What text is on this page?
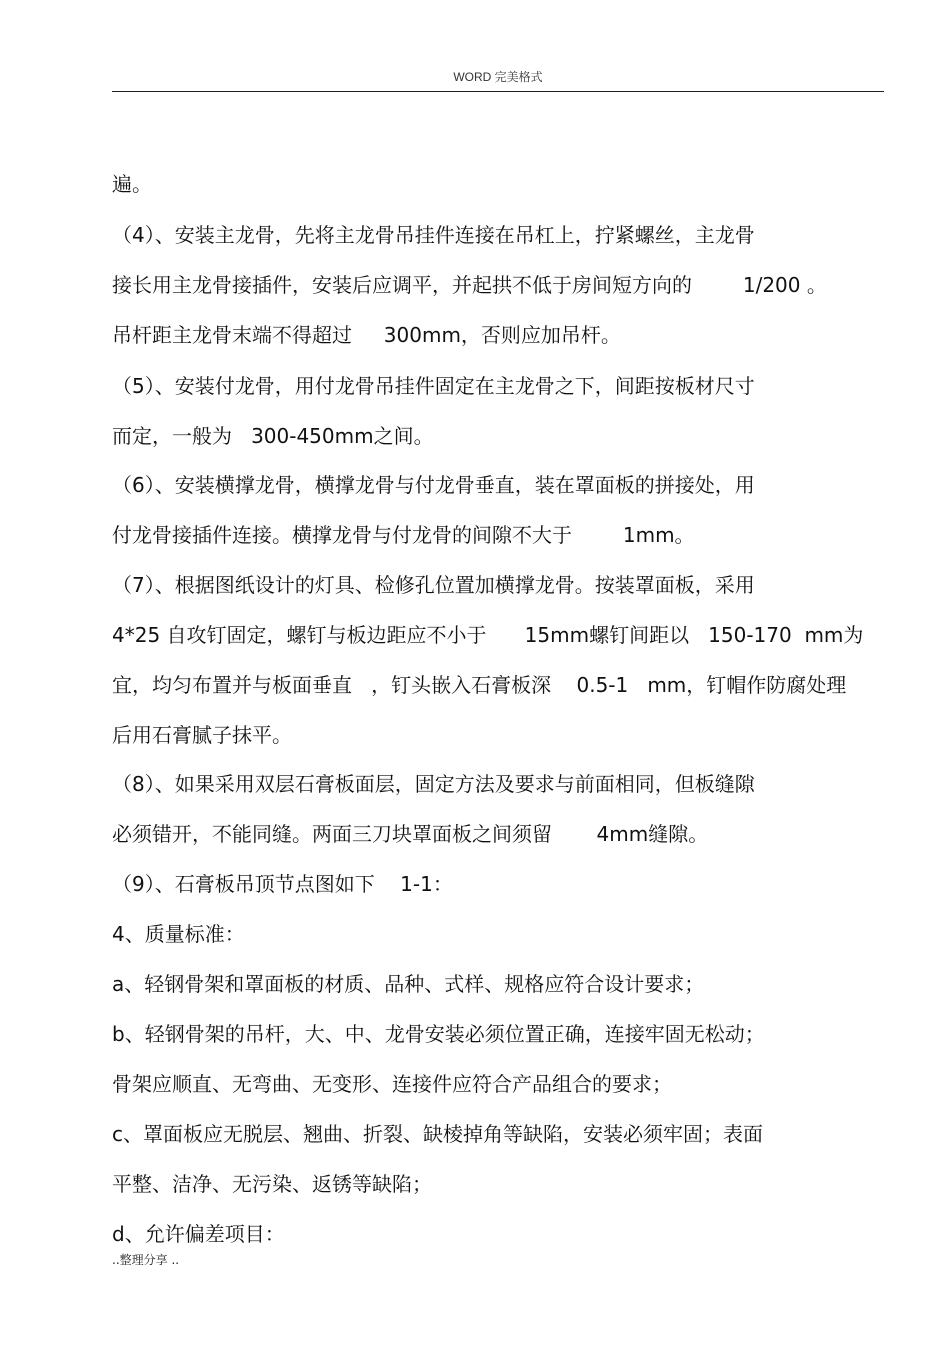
WORD 完美格式
遍。
（4）、安装主龙骨，先将主龙骨吊挂件连接在吊杠上，拧紧螺丝，主龙骨
接长用主龙骨接插件，安装后应调平，并起拱不低于房间短方向的        1/200 。
吊杆距主龙骨末端不得超过     300mm，否则应加吊杆。
（5）、安装付龙骨，用付龙骨吊挂件固定在主龙骨之下，间距按板材尺寸
而定，一般为   300-450mm之间。
（6）、安装横撑龙骨，横撑龙骨与付龙骨垂直，装在罩面板的拼接处，用
付龙骨接插件连接。横撑龙骨与付龙骨的间隙不大于        1mm。
（7）、根据图纸设计的灯具、检修孔位置加横撑龙骨。按装罩面板，采用
4*25 自攻钉固定，螺钉与板边距应不小于      15mm螺钉间距以   150-170  mm为
宜，均匀布置并与板面垂直   ，钉头嵌入石膏板深    0.5-1   mm，钉帽作防腐处理
后用石膏腻子抹平。
（8）、如果采用双层石膏板面层，固定方法及要求与前面相同，但板缝隙
必须错开，不能同缝。两面三刀块罩面板之间须留       4mm缝隙。
（9）、石膏板吊顶节点图如下    1-1：
4、质量标准：
a、轻钢骨架和罩面板的材质、品种、式样、规格应符合设计要求；
b、轻钢骨架的吊杆，大、中、龙骨安装必须位置正确，连接牢固无松动；
骨架应顺直、无弯曲、无变形、连接件应符合产品组合的要求；
c、罩面板应无脱层、翘曲、折裂、缺棱掉角等缺陷，安装必须牢固；表面
平整、洁净、无污染、返锈等缺陷；
d、允许偏差项目：
..整理分享 ..
